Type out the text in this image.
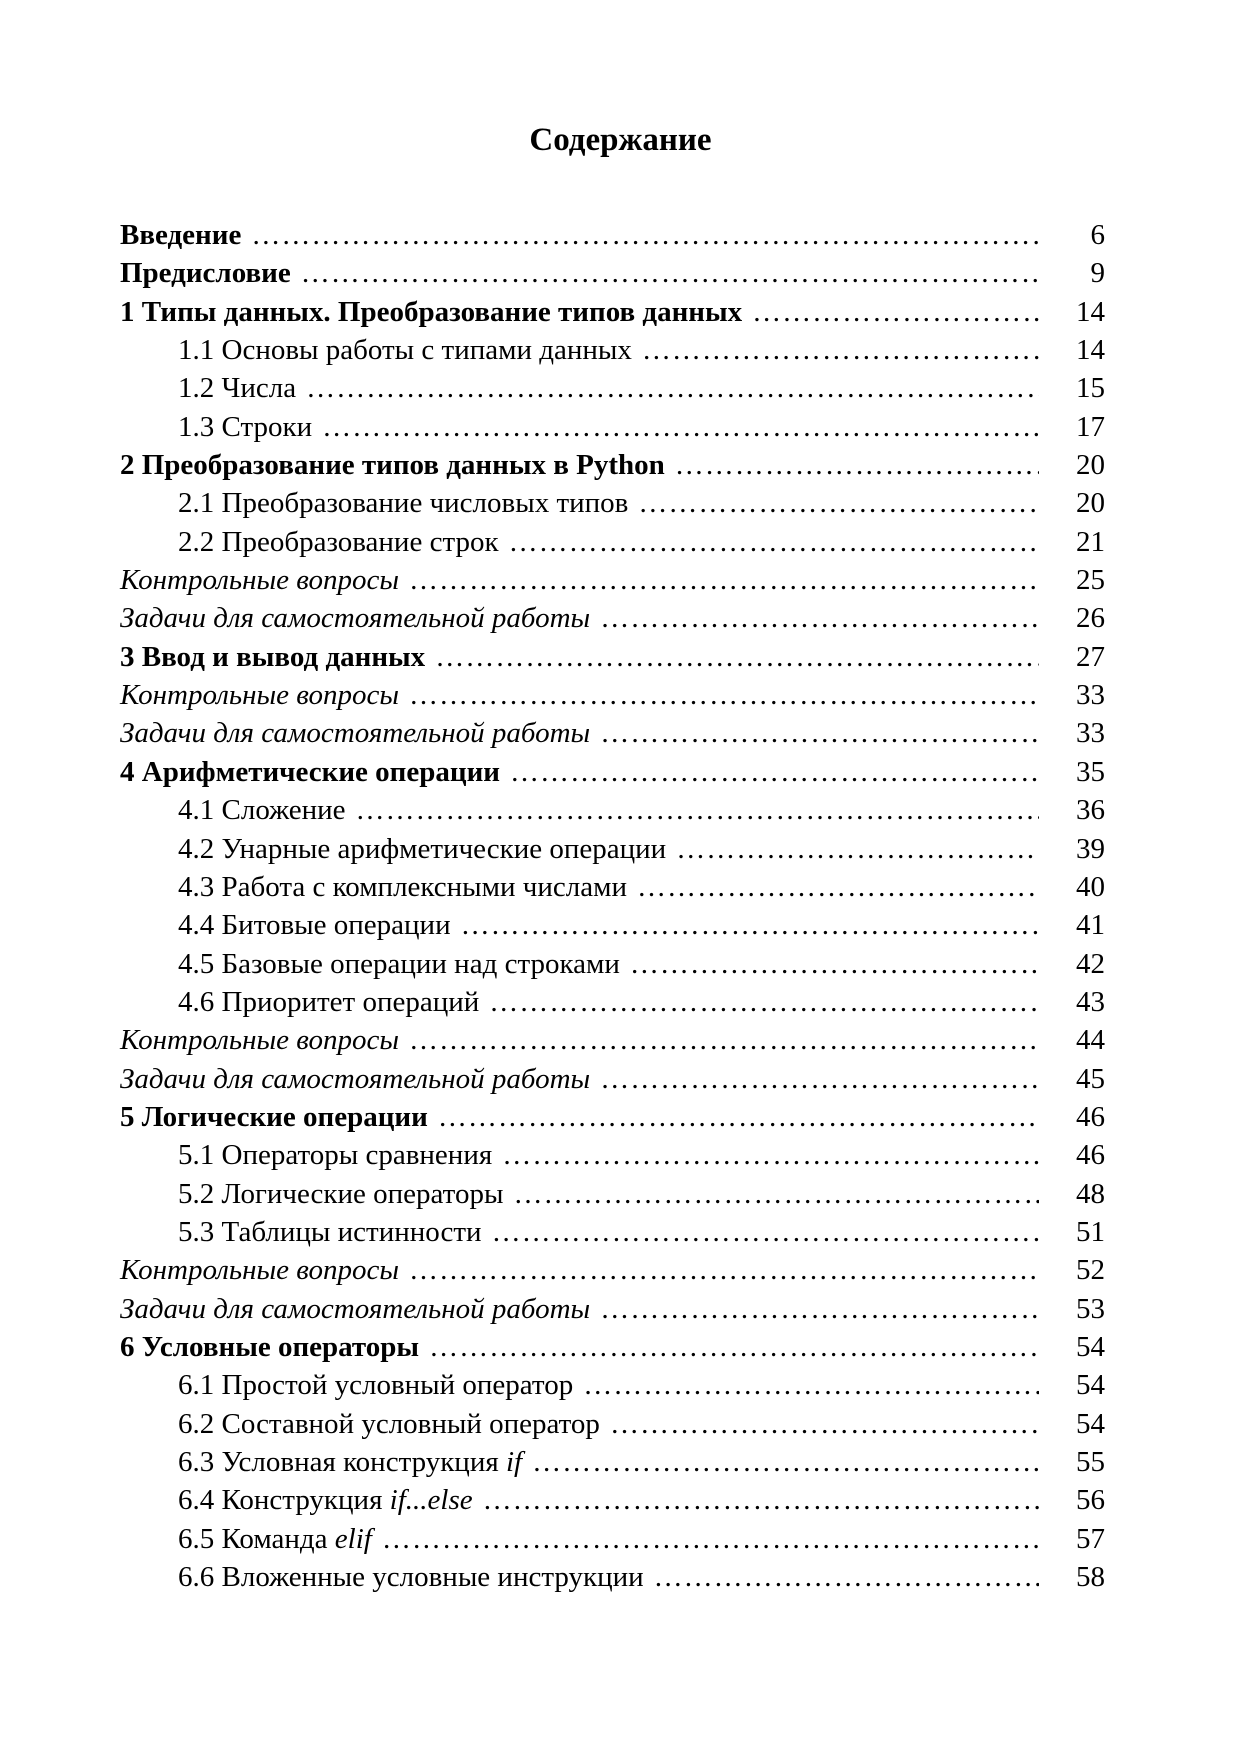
Содержание
Введение …………………………………………………………………………………………………………………………………………………………	6
Предисловие …………………………………………………………………………………………………………………………………………………………	9
1 Типы данных. Преобразование типов данных …………………………………………………………………………………………………………………………………………………………	14
1.1 Основы работы с типами данных …………………………………………………………………………………………………………………………………………………………	14
1.2 Числа …………………………………………………………………………………………………………………………………………………………	15
1.3 Строки …………………………………………………………………………………………………………………………………………………………	17
2 Преобразование типов данных в Python …………………………………………………………………………………………………………………………………………………………	20
2.1 Преобразование числовых типов …………………………………………………………………………………………………………………………………………………………	20
2.2 Преобразование строк …………………………………………………………………………………………………………………………………………………………	21
Контрольные вопросы …………………………………………………………………………………………………………………………………………………………	25
Задачи для самостоятельной работы …………………………………………………………………………………………………………………………………………………………	26
3 Ввод и вывод данных …………………………………………………………………………………………………………………………………………………………	27
Контрольные вопросы …………………………………………………………………………………………………………………………………………………………	33
Задачи для самостоятельной работы …………………………………………………………………………………………………………………………………………………………	33
4 Арифметические операции …………………………………………………………………………………………………………………………………………………………	35
4.1 Сложение …………………………………………………………………………………………………………………………………………………………	36
4.2 Унарные арифметические операции …………………………………………………………………………………………………………………………………………………………	39
4.3 Работа с комплексными числами …………………………………………………………………………………………………………………………………………………………	40
4.4 Битовые операции …………………………………………………………………………………………………………………………………………………………	41
4.5 Базовые операции над строками …………………………………………………………………………………………………………………………………………………………	42
4.6 Приоритет операций …………………………………………………………………………………………………………………………………………………………	43
Контрольные вопросы …………………………………………………………………………………………………………………………………………………………	44
Задачи для самостоятельной работы …………………………………………………………………………………………………………………………………………………………	45
5 Логические операции …………………………………………………………………………………………………………………………………………………………	46
5.1 Операторы сравнения …………………………………………………………………………………………………………………………………………………………	46
5.2 Логические операторы …………………………………………………………………………………………………………………………………………………………	48
5.3 Таблицы истинности …………………………………………………………………………………………………………………………………………………………	51
Контрольные вопросы …………………………………………………………………………………………………………………………………………………………	52
Задачи для самостоятельной работы …………………………………………………………………………………………………………………………………………………………	53
6 Условные операторы …………………………………………………………………………………………………………………………………………………………	54
6.1 Простой условный оператор …………………………………………………………………………………………………………………………………………………………	54
6.2 Составной условный оператор …………………………………………………………………………………………………………………………………………………………	54
6.3 Условная конструкция if …………………………………………………………………………………………………………………………………………………………	55
6.4 Конструкция if...else …………………………………………………………………………………………………………………………………………………………	56
6.5 Команда elif …………………………………………………………………………………………………………………………………………………………	57
6.6 Вложенные условные инструкции …………………………………………………………………………………………………………………………………………………………	58
